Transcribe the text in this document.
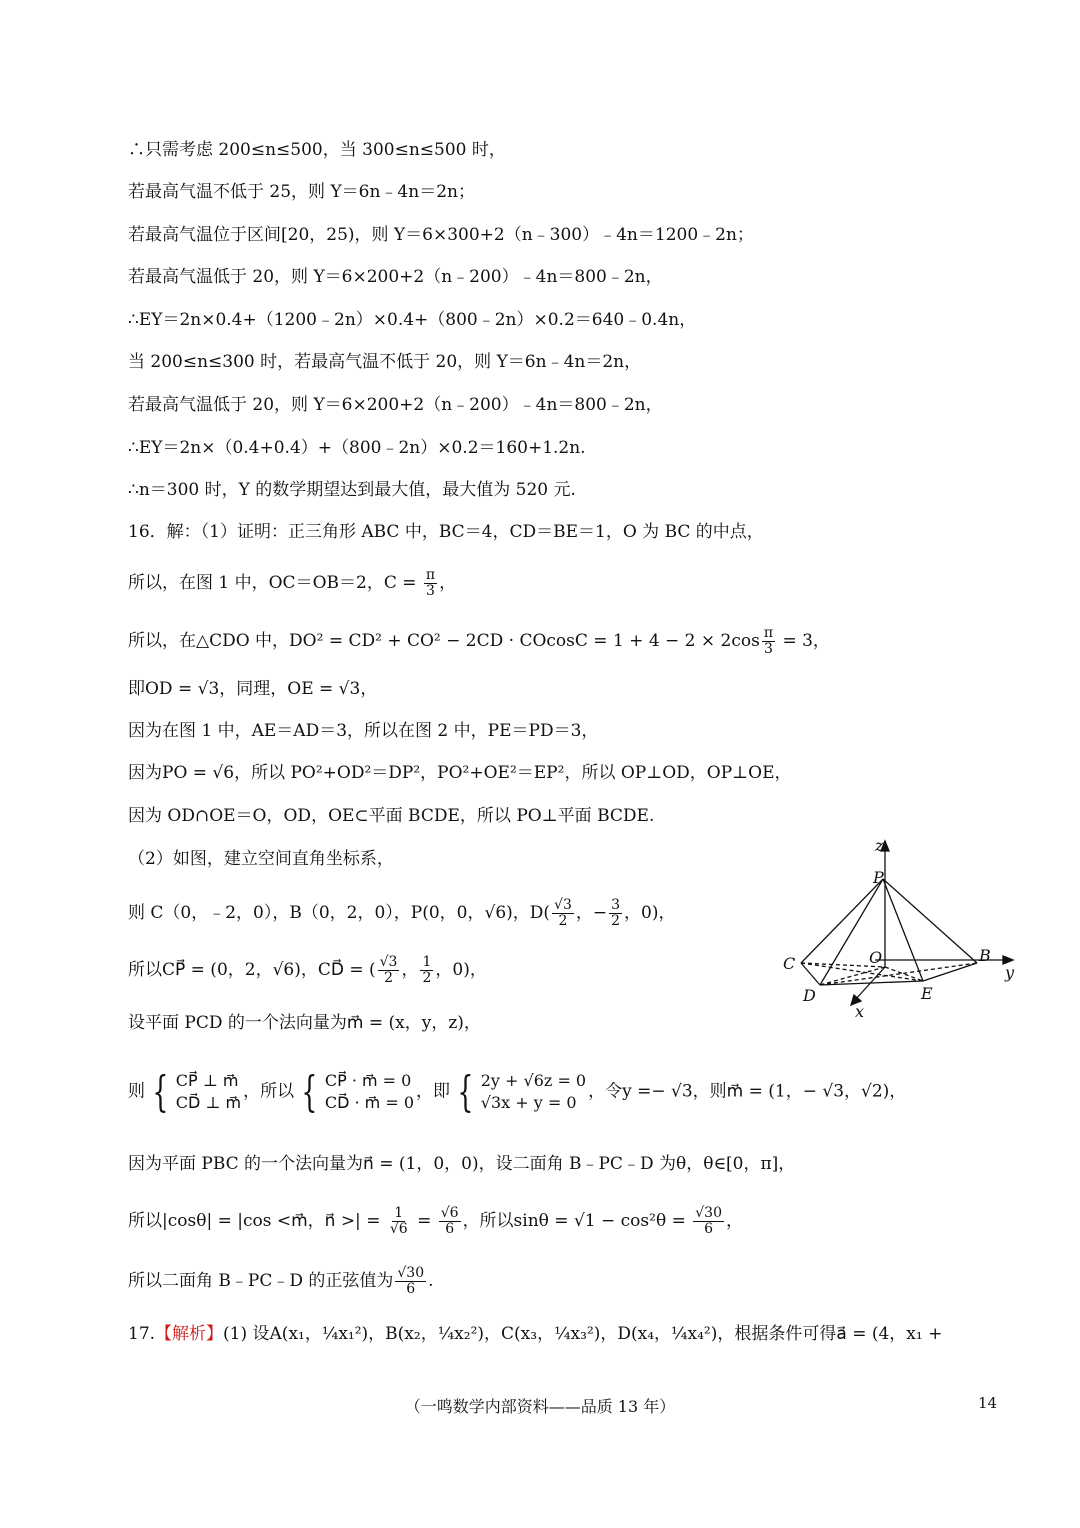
∴只需考虑 200≤n≤500，当 300≤n≤500 时，
若最高气温不低于 25，则 Y＝6n﹣4n＝2n；
若最高气温位于区间[20，25)，则 Y＝6×300+2（n﹣300）﹣4n＝1200﹣2n；
若最高气温低于 20，则 Y＝6×200+2（n﹣200）﹣4n＝800﹣2n，
∴EY＝2n×0.4+（1200﹣2n）×0.4+（800﹣2n）×0.2＝640﹣0.4n，
当 200≤n≤300 时，若最高气温不低于 20，则 Y＝6n﹣4n＝2n，
若最高气温低于 20，则 Y＝6×200+2（n﹣200）﹣4n＝800﹣2n，
∴EY＝2n×（0.4+0.4）+（800﹣2n）×0.2＝160+1.2n.
∴n＝300 时，Y 的数学期望达到最大值，最大值为 520 元.
16．解：（1）证明：正三角形 ABC 中，BC＝4，CD＝BE＝1，O 为 BC 的中点，
所以，在图 1 中，OC＝OB＝2，$C = \frac{\pi}{3}$ ，
所以，在△CDO 中，$DO^2 = CD^2 + CO^2 - 2CD \cdot COcosC = 1 + 4 - 2 \times 2\cos \frac{\pi}{3} = 3$，
即OD = √3，同理，OE = √3，
因为在图 1 中，AE＝AD＝3，所以在图 2 中，PE＝PD＝3，
因为PO = √6，所以 PO²+OD²＝DP²，PO²+OE²＝EP²，所以 OP⊥OD，OP⊥OE，
因为 OD∩OE＝O，OD，OE⊂平面 BCDE，所以 PO⊥平面 BCDE.
（2）如图，建立空间直角坐标系，
则 C（0，﹣2，0），B（0，2，0），P(0，0，√6)，$D( \frac{√3}{2}$ ，− $\frac{3}{2}$ ，0)，
所以CP⃗ = (0，2，√6)，CD⃗ = ( $\frac{√3}{2}$ ， $\frac{1}{2}$ ，0)，
设平面 PCD 的一个法向量为m⃗ = (x，y，z)，
则 { CP⃗ ⊥ m⃗
CD⃗ ⊥ m⃗
，所以 { CP⃗ · m⃗ = 0
CD⃗ · m⃗ = 0
，即 { 2y + √6z = 0
√3x + y = 0
，令y =− √3，则m⃗ = (1，− √3，√2)，
因为平面 PBC 的一个法向量为n⃗ = (1，0，0)，设二面角 B﹣PC﹣D 为θ，θ∈[0，π]，
所以|cosθ| = |cos <m⃗，n⃗ >| = $\frac{1}{√6} = \frac{√6}{6}$ ，所以$\sin\theta = √1 - \cos^2\theta = \frac{√30}{6}$ ，
所以二面角 B﹣PC﹣D 的正弦值为 $\frac{√30}{6}$ .
17.【解析】(1) 设A(x₁，¼x₁²)，B(x₂，¼x₂²)，C(x₃，¼x₃²)，D(x₄，¼x₄²)，根据条件可得a⃗ = (4，x₁ +
z
P
C	O	B
y
D	E
x
（一鸣数学内部资料——品质 13 年）	14
